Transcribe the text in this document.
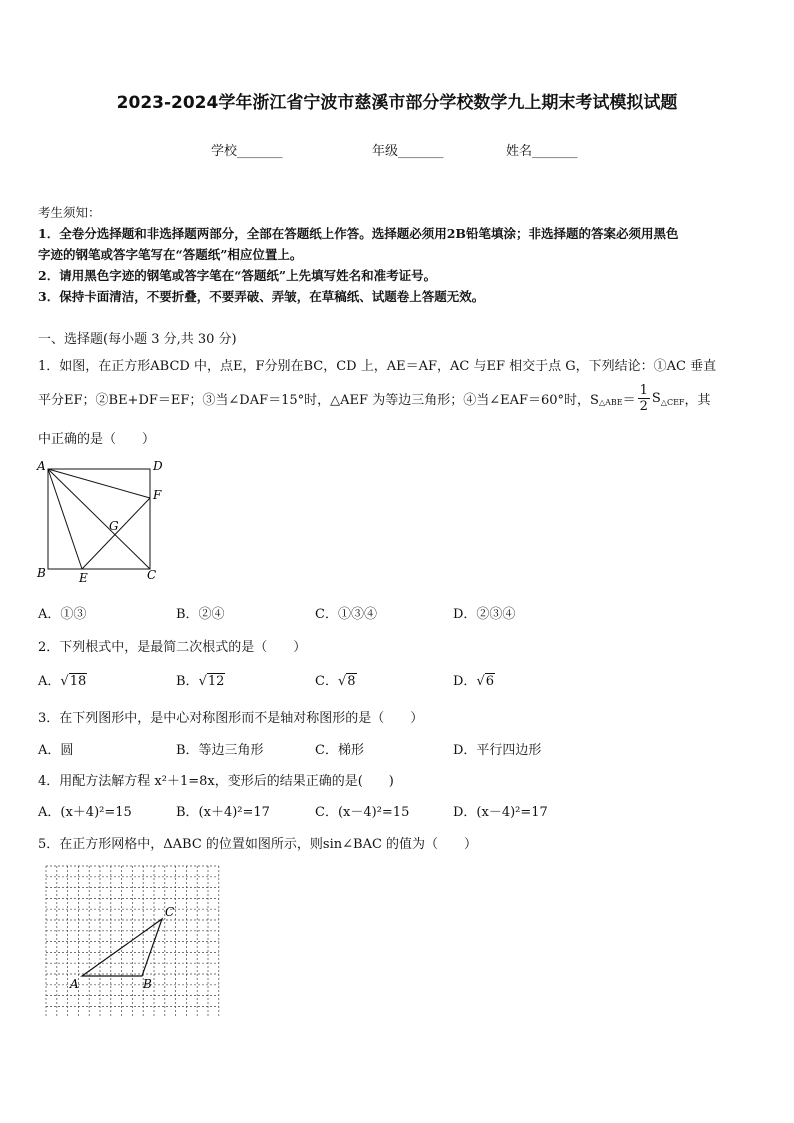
2023-2024学年浙江省宁波市慈溪市部分学校数学九上期末考试模拟试题
学校_______	年级_______	姓名_______
考生须知：
1．全卷分选择题和非选择题两部分，全部在答题纸上作答。选择题必须用2B铅笔填涂；非选择题的答案必须用黑色
字迹的钢笔或答字笔写在“答题纸”相应位置上。
2．请用黑色字迹的钢笔或答字笔在“答题纸”上先填写姓名和准考证号。
3．保持卡面清洁，不要折叠，不要弄破、弄皱，在草稿纸、试题卷上答题无效。
一、选择题(每小题 3 分,共 30 分)
1．如图，在正方形ABCD 中，点E，F分别在BC，CD 上，AE＝AF，AC 与EF 相交于点 G，下列结论：①AC 垂直
平分EF；②BE+DF＝EF；③当∠DAF＝15°时，△AEF 为等边三角形；④当∠EAF＝60°时，S △ABE ＝ $\frac{1}{2}$ S △CEF ，其
中正确的是（　　）
A	D
F
G
B	E	C
A．①③	B．②④	C．①③④	D．②③④
2．下列根式中，是最简二次根式的是（　　）
A．√18	B．√12	C．√8	D．√6
3．在下列图形中，是中心对称图形而不是轴对称图形的是（　　）
A．圆	B．等边三角形	C．梯形	D．平行四边形
4．用配方法解方程 x²＋1=8x，变形后的结果正确的是(　　)
A．(x＋4)²=15	B．(x＋4)²=17	C．(x－4)²=15	D．(x－4)²=17
5．在正方形网格中，ΔABC 的位置如图所示，则sin∠BAC 的值为（　　）
A	B
C
